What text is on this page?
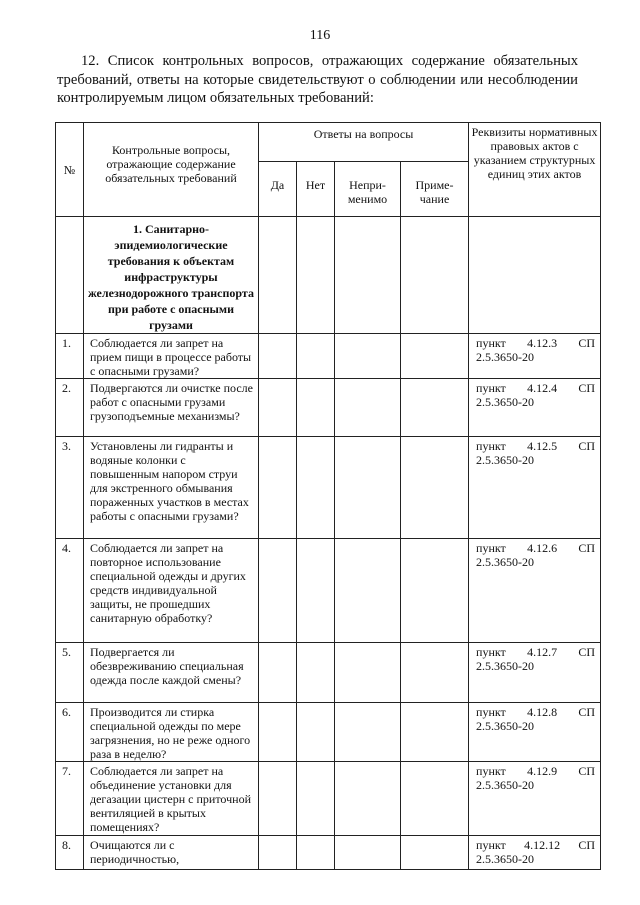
116
12. Список контрольных вопросов, отражающих содержание обязательных требований, ответы на которые свидетельствуют о соблюдении или несоблюдении контролируемым лицом обязательных требований:
№	Контрольные вопросы, отражающие содержание обязательных требований	Ответы на вопросы				Реквизиты нормативных правовых актов с указанием структурных единиц этих актов

		Да	Нет	Непри-менимо	Приме-чание	

	1. Санитарно-эпидемиологические требования к объектам инфраструктуры железнодорожного транспорта при работе с опасными грузами					
1.	Соблюдается ли запрет на прием пищи в процессе работы с опасными грузами?					пункт 4.12.3 СП
2.5.3650-20

2.	Подвергаются ли очистке после работ с опасными грузами грузоподъемные механизмы?					пункт 4.12.4 СП
2.5.3650-20

3.	Установлены ли гидранты и водяные колонки с повышенным напором струи для экстренного обмывания пораженных участков в местах работы с опасными грузами?					пункт 4.12.5 СП
2.5.3650-20

4.	Соблюдается ли запрет на повторное использование специальной одежды и других средств индивидуальной защиты, не прошедших санитарную обработку?					пункт 4.12.6 СП
2.5.3650-20

5.	Подвергается ли обезвреживанию специальная одежда после каждой смены?					пункт 4.12.7 СП
2.5.3650-20

6.	Производится ли стирка специальной одежды по мере загрязнения, но не реже одного раза в неделю?					пункт 4.12.8 СП
2.5.3650-20

7.	Соблюдается ли запрет на объединение установки для дегазации цистерн с приточной вентиляцией в крытых помещениях?					пункт 4.12.9 СП
2.5.3650-20

8.	Очищаются ли с периодичностью,					пункт 4.12.12 СП
2.5.3650-20
